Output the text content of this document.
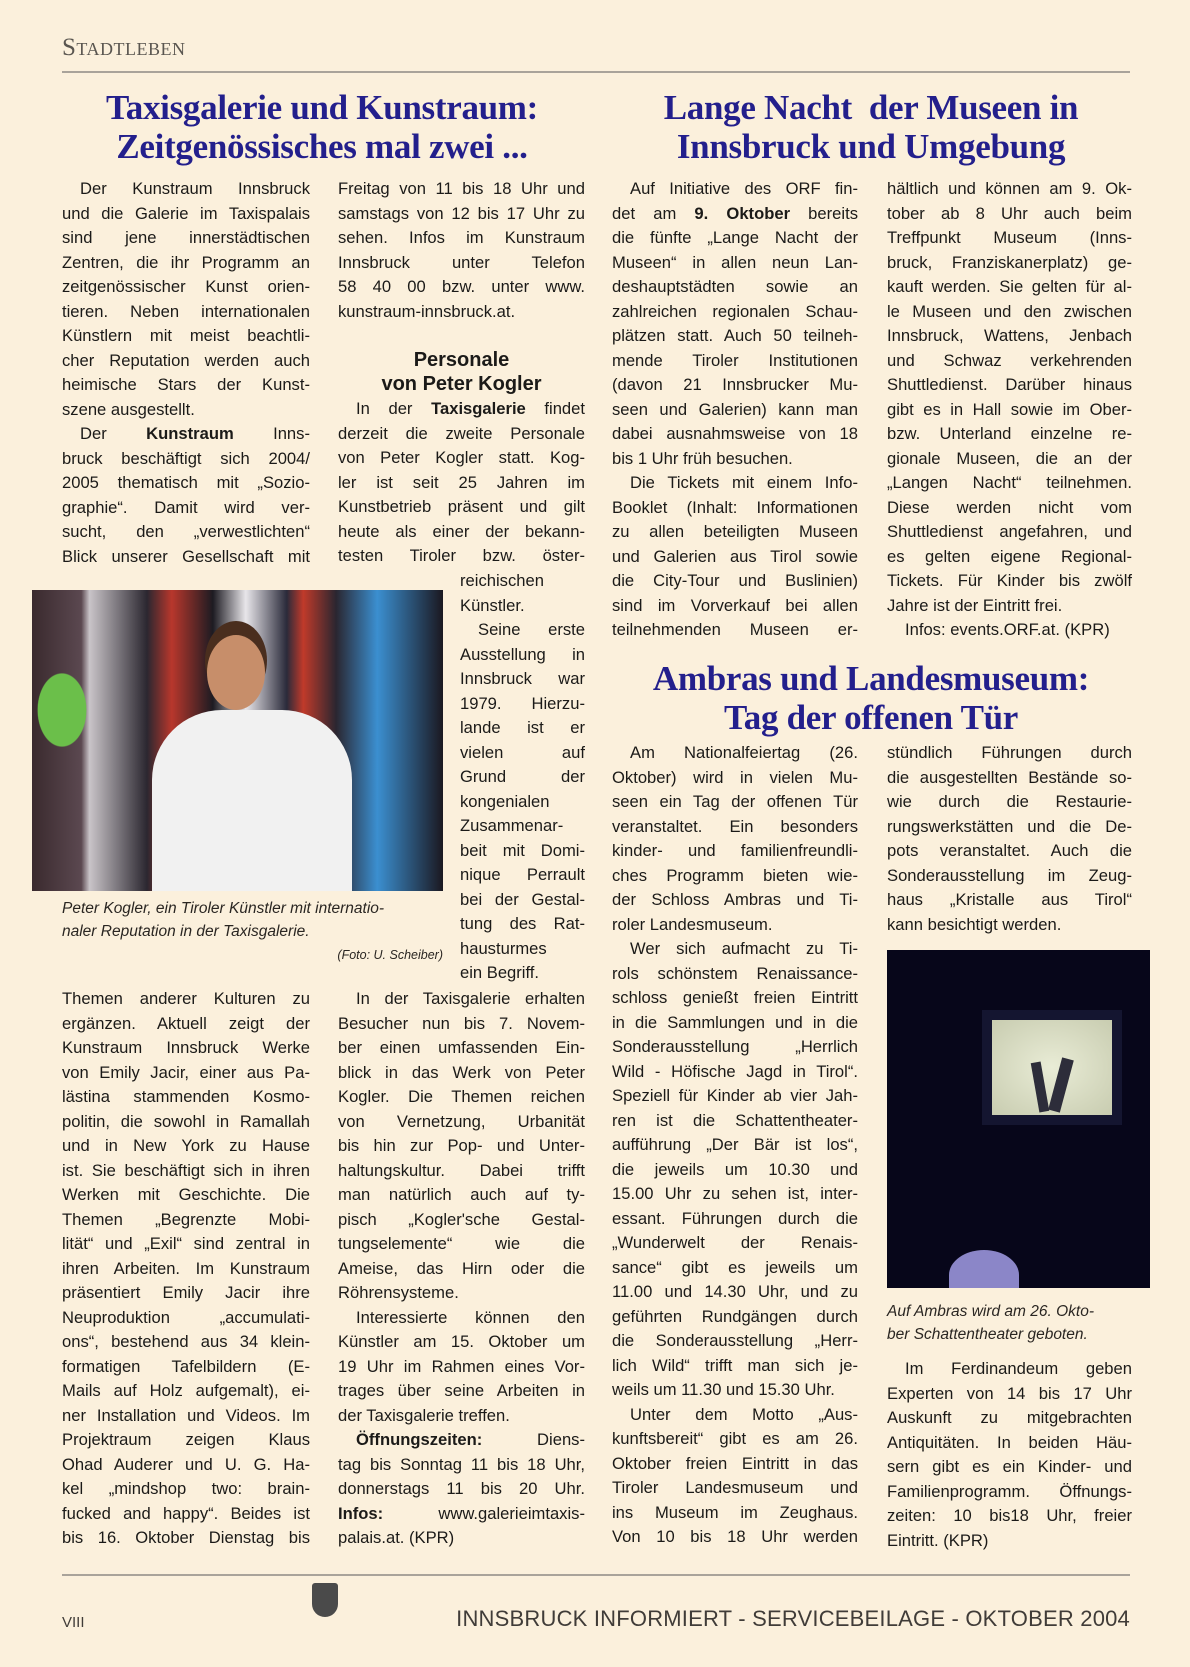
Stadtleben
Taxisgalerie und Kunstraum:
Zeitgenössisches mal zwei ...
Der Kunstraum Innsbruck
und die Galerie im Taxispalais
sind jene innerstädtischen
Zentren, die ihr Programm an
zeitgenössischer Kunst orien-
tieren. Neben internationalen
Künstlern mit meist beachtli-
cher Reputation werden auch
heimische Stars der Kunst-
szene ausgestellt.
Der Kunstraum Inns-
bruck beschäftigt sich 2004/
2005 thematisch mit „Sozio-
graphie“. Damit wird ver-
sucht, den „verwestlichten“
Blick unserer Gesellschaft mit
Freitag von 11 bis 18 Uhr und
samstags von 12 bis 17 Uhr zu
sehen. Infos im Kunstraum
Innsbruck unter Telefon
58 40 00 bzw. unter www.
kunstraum-innsbruck.at.
Personale
von Peter Kogler
In der Taxisgalerie findet
derzeit die zweite Personale
von Peter Kogler statt. Kog-
ler ist seit 25 Jahren im
Kunstbetrieb präsent und gilt
heute als einer der bekann-
testen Tiroler bzw. öster-
reichischen
Künstler.
Seine erste
Ausstellung in
Innsbruck war
1979. Hierzu-
lande ist er
vielen auf
Grund der
kongenialen
Zusammenar-
beit mit Domi-
nique Perrault
bei der Gestal-
tung des Rat-
hausturmes
ein Begriff.
Peter Kogler, ein Tiroler Künstler mit internatio-
naler Reputation in der Taxisgalerie.
(Foto: U. Scheiber)
Themen anderer Kulturen zu
ergänzen. Aktuell zeigt der
Kunstraum Innsbruck Werke
von Emily Jacir, einer aus Pa-
lästina stammenden Kosmo-
politin, die sowohl in Ramallah
und in New York zu Hause
ist. Sie beschäftigt sich in ihren
Werken mit Geschichte. Die
Themen „Begrenzte Mobi-
lität“ und „Exil“ sind zentral in
ihren Arbeiten. Im Kunstraum
präsentiert Emily Jacir ihre
Neuproduktion „accumulati-
ons“, bestehend aus 34 klein-
formatigen Tafelbildern (E-
Mails auf Holz aufgemalt), ei-
ner Installation und Videos. Im
Projektraum zeigen Klaus
Ohad Auderer und U. G. Ha-
kel „mindshop two: brain-
fucked and happy“. Beides ist
bis 16. Oktober Dienstag bis
In der Taxisgalerie erhalten
Besucher nun bis 7. Novem-
ber einen umfassenden Ein-
blick in das Werk von Peter
Kogler. Die Themen reichen
von Vernetzung, Urbanität
bis hin zur Pop- und Unter-
haltungskultur. Dabei trifft
man natürlich auch auf ty-
pisch „Kogler'sche Gestal-
tungselemente“ wie die
Ameise, das Hirn oder die
Röhrensysteme.
Interessierte können den
Künstler am 15. Oktober um
19 Uhr im Rahmen eines Vor-
trages über seine Arbeiten in
der Taxisgalerie treffen.
Öffnungszeiten: Diens-
tag bis Sonntag 11 bis 18 Uhr,
donnerstags 11 bis 20 Uhr.
Infos: www.galerieimtaxis-
palais.at. (KPR)
Lange Nacht  der Museen in
Innsbruck und Umgebung
Auf Initiative des ORF fin-
det am 9. Oktober bereits
die fünfte „Lange Nacht der
Museen“ in allen neun Lan-
deshauptstädten sowie an
zahlreichen regionalen Schau-
plätzen statt. Auch 50 teilneh-
mende Tiroler Institutionen
(davon 21 Innsbrucker Mu-
seen und Galerien) kann man
dabei ausnahmsweise von 18
bis 1 Uhr früh besuchen.
Die Tickets mit einem Info-
Booklet (Inhalt: Informationen
zu allen beteiligten Museen
und Galerien aus Tirol sowie
die City-Tour und Buslinien)
sind im Vorverkauf bei allen
teilnehmenden Museen er-
hältlich und können am 9. Ok-
tober ab 8 Uhr auch beim
Treffpunkt Museum (Inns-
bruck, Franziskanerplatz) ge-
kauft werden. Sie gelten für al-
le Museen und den zwischen
Innsbruck, Wattens, Jenbach
und Schwaz verkehrenden
Shuttledienst. Darüber hinaus
gibt es in Hall sowie im Ober-
bzw. Unterland einzelne re-
gionale Museen, die an der
„Langen Nacht“ teilnehmen.
Diese werden nicht vom
Shuttledienst angefahren, und
es gelten eigene Regional-
Tickets. Für Kinder bis zwölf
Jahre ist der Eintritt frei.
Infos: events.ORF.at. (KPR)
Ambras und Landesmuseum:
Tag der offenen Tür
Am Nationalfeiertag (26.
Oktober) wird in vielen Mu-
seen ein Tag der offenen Tür
veranstaltet. Ein besonders
kinder- und familienfreundli-
ches Programm bieten wie-
der Schloss Ambras und Ti-
roler Landesmuseum.
Wer sich aufmacht zu Ti-
rols schönstem Renaissance-
schloss genießt freien Eintritt
in die Sammlungen und in die
Sonderausstellung „Herrlich
Wild - Höfische Jagd in Tirol“.
Speziell für Kinder ab vier Jah-
ren ist die Schattentheater-
aufführung „Der Bär ist los“,
die jeweils um 10.30 und
15.00 Uhr zu sehen ist, inter-
essant. Führungen durch die
„Wunderwelt der Renais-
sance“ gibt es jeweils um
11.00 und 14.30 Uhr, und zu
geführten Rundgängen durch
die Sonderausstellung „Herr-
lich Wild“ trifft man sich je-
weils um 11.30 und 15.30 Uhr.
Unter dem Motto „Aus-
kunftsbereit“ gibt es am 26.
Oktober freien Eintritt in das
Tiroler Landesmuseum und
ins Museum im Zeughaus.
Von 10 bis 18 Uhr werden
stündlich Führungen durch
die ausgestellten Bestände so-
wie durch die Restaurie-
rungswerkstätten und die De-
pots veranstaltet. Auch die
Sonderausstellung im Zeug-
haus „Kristalle aus Tirol“
kann besichtigt werden.
Auf Ambras wird am 26. Okto-
ber Schattentheater geboten.
Im Ferdinandeum geben
Experten von 14 bis 17 Uhr
Auskunft zu mitgebrachten
Antiquitäten. In beiden Häu-
sern gibt es ein Kinder- und
Familienprogramm. Öffnungs-
zeiten: 10 bis18 Uhr, freier
Eintritt. (KPR)
VIII	INNSBRUCK INFORMIERT - SERVICEBEILAGE - OKTOBER 2004
